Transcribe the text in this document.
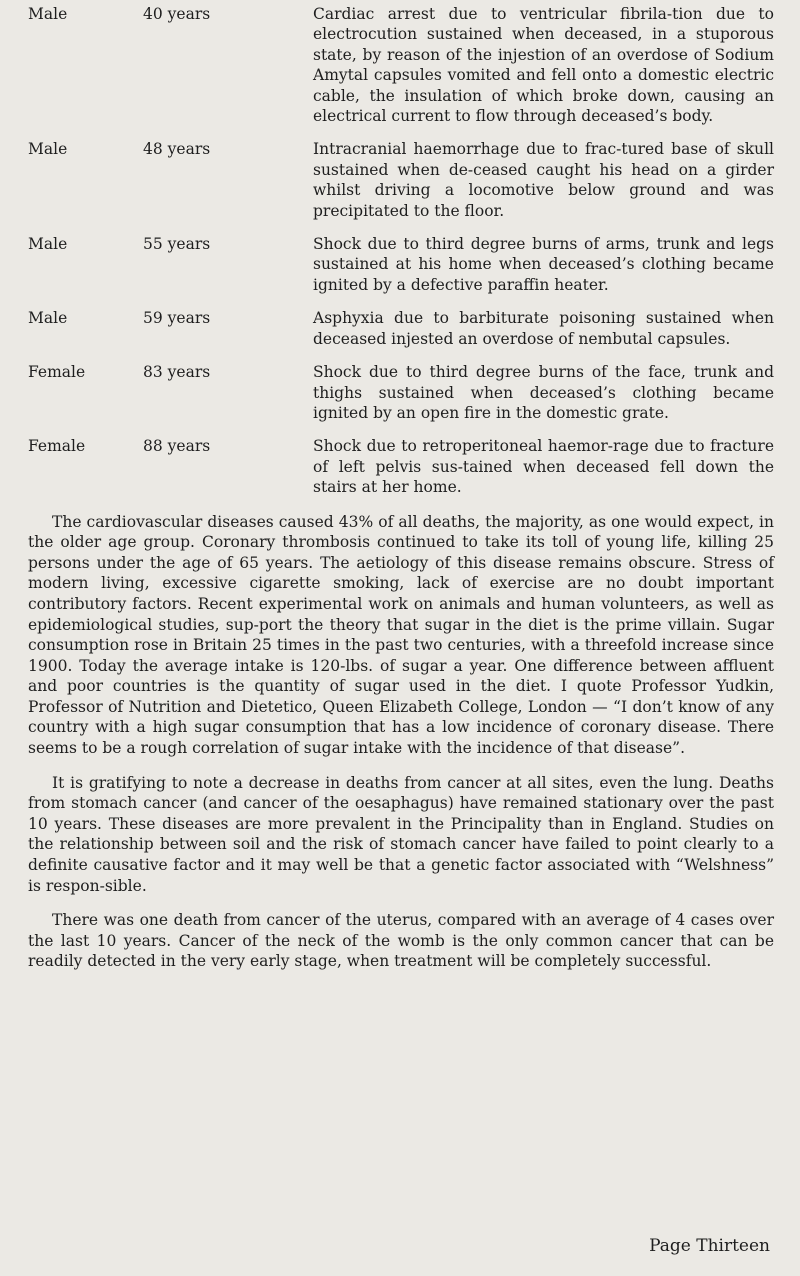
Male	40 years	Cardiac arrest due to ventricular fibrila-tion due to electrocution sustained when deceased, in a stuporous state, by reason of the injestion of an overdose of Sodium Amytal capsules vomited and fell onto a domestic electric cable, the insulation of which broke down, causing an electrical current to flow through deceased’s body.
Male	48 years	Intracranial haemorrhage due to frac-tured base of skull sustained when de-ceased caught his head on a girder whilst driving a locomotive below ground and was precipitated to the floor.
Male	55 years	Shock due to third degree burns of arms, trunk and legs sustained at his home when deceased’s clothing became ignited by a defective paraffin heater.
Male	59 years	Asphyxia due to barbiturate poisoning sustained when deceased injested an overdose of nembutal capsules.
Female	83 years	Shock due to third degree burns of the face, trunk and thighs sustained when deceased’s clothing became ignited by an open fire in the domestic grate.
Female	88 years	Shock due to retroperitoneal haemor-rage due to fracture of left pelvis sus-tained when deceased fell down the stairs at her home.

The cardiovascular diseases caused 43% of all deaths, the majority, as one would expect, in the older age group. Coronary thrombosis continued to take its toll of young life, killing 25 persons under the age of 65 years. The aetiology of this disease remains obscure. Stress of modern living, excessive cigarette smoking, lack of exercise are no doubt important contributory factors. Recent experimental work on animals and human volunteers, as well as epidemiological studies, sup-port the theory that sugar in the diet is the prime villain. Sugar consumption rose in Britain 25 times in the past two centuries, with a threefold increase since 1900. Today the average intake is 120-lbs. of sugar a year. One difference between affluent and poor countries is the quantity of sugar used in the diet. I quote Professor Yudkin, Professor of Nutrition and Dietetico, Queen Elizabeth College, London — “I don’t know of any country with a high sugar consumption that has a low incidence of coronary disease. There seems to be a rough correlation of sugar intake with the incidence of that disease”.

It is gratifying to note a decrease in deaths from cancer at all sites, even the lung. Deaths from stomach cancer (and cancer of the oesaphagus) have remained stationary over the past 10 years. These diseases are more prevalent in the Principality than in England. Studies on the relationship between soil and the risk of stomach cancer have failed to point clearly to a definite causative factor and it may well be that a genetic factor associated with “Welshness” is respon-sible.

There was one death from cancer of the uterus, compared with an average of 4 cases over the last 10 years. Cancer of the neck of the womb is the only common cancer that can be readily detected in the very early stage, when treatment will be completely successful.

Page Thirteen
